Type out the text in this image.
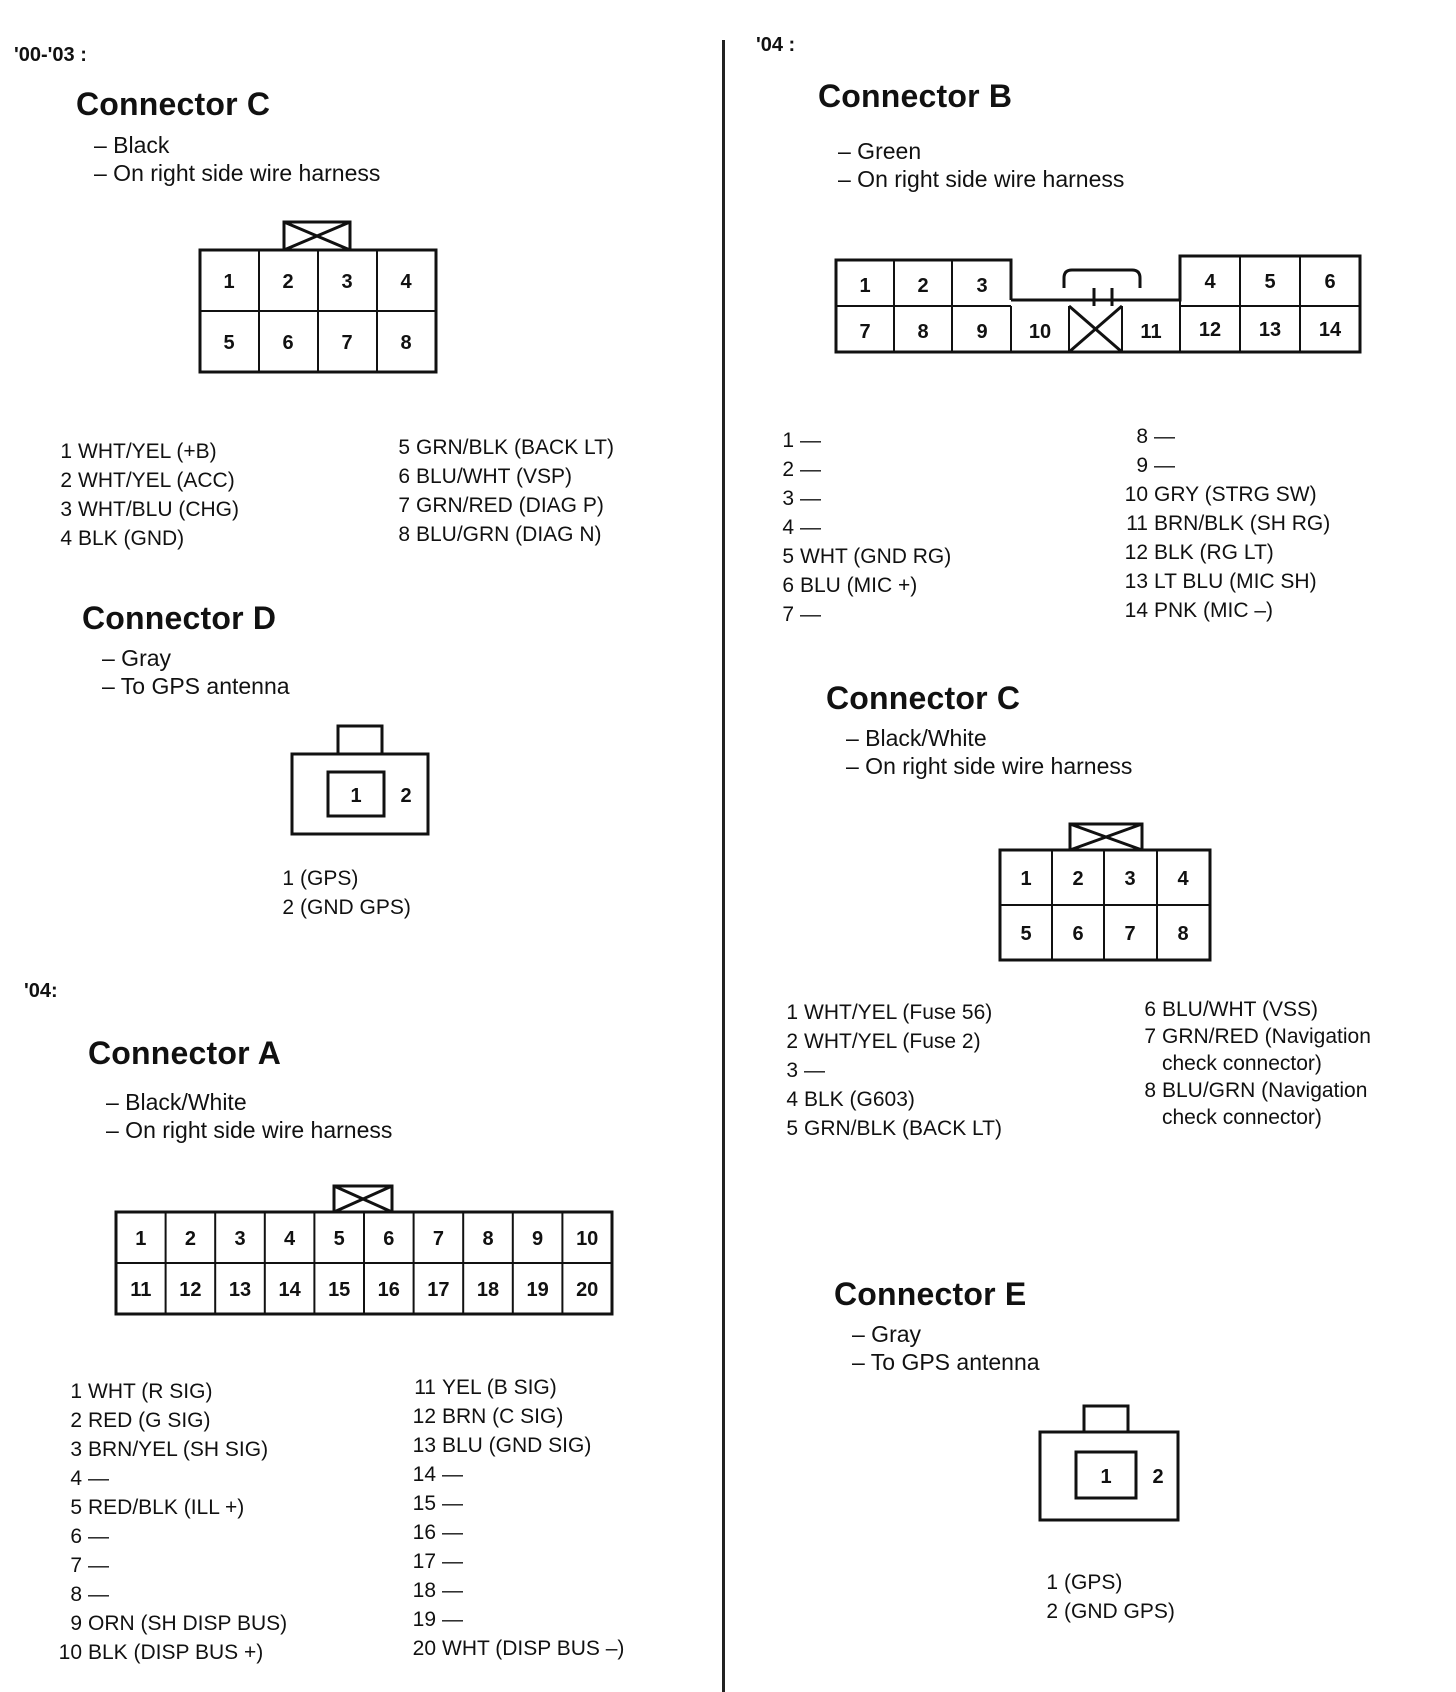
'00-'03 :
Connector C
– Black
– On right side wire harness
1 2 3 4
5 6 7 8
1 WHT/YEL (+B)
2 WHT/YEL (ACC)
3 WHT/BLU (CHG)
4 BLK (GND)
5 GRN/BLK (BACK LT)
6 BLU/WHT (VSP)
7 GRN/RED (DIAG P)
8 BLU/GRN (DIAG N)
Connector D
– Gray
– To GPS antenna
1 2
1 (GPS)
2 (GND GPS)
'04:
Connector A
– Black/White
– On right side wire harness
1 2 3 4 5 6 7 8 9 10
11 12 13 14 15 16 17 18 19 20
1 WHT (R SIG)
2 RED (G SIG)
3 BRN/YEL (SH SIG)
4 —
5 RED/BLK (ILL +)
6 —
7 —
8 —
9 ORN (SH DISP BUS)
10 BLK (DISP BUS +)
11 YEL (B SIG)
12 BRN (C SIG)
13 BLU (GND SIG)
14 —
15 —
16 —
17 —
18 —
19 —
20 WHT (DISP BUS –)
'04 :
Connector B
– Green
– On right side wire harness
1 2 3	4 5 6
7 8 9 10	11 12 13 14
1 —
2 —
3 —
4 —
5 WHT (GND RG)
6 BLU (MIC +)
7 —
8 —
9 —
10 GRY (STRG SW)
11 BRN/BLK (SH RG)
12 BLK (RG LT)
13 LT BLU (MIC SH)
14 PNK (MIC –)
Connector C
– Black/White
– On right side wire harness
1 2 3 4
5 6 7 8
1 WHT/YEL (Fuse 56)
2 WHT/YEL (Fuse 2)
3 —
4 BLK (G603)
5 GRN/BLK (BACK LT)
6 BLU/WHT (VSS)
7 GRN/RED (Navigation
check connector)
8 BLU/GRN (Navigation
check connector)
Connector E
– Gray
– To GPS antenna
1 2
1 (GPS)
2 (GND GPS)
